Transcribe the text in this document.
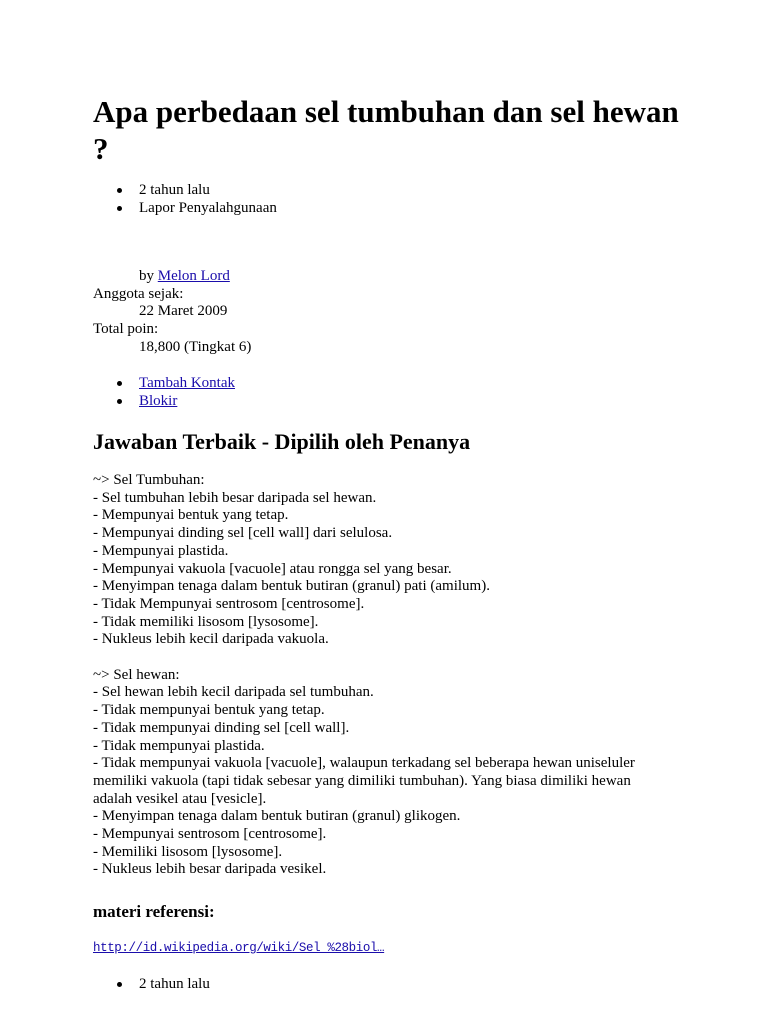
Apa perbedaan sel tumbuhan dan sel hewan ?
2 tahun lalu
Lapor Penyalahgunaan
by Melon Lord
Anggota sejak:
22 Maret 2009
Total poin:
18,800 (Tingkat 6)
Tambah Kontak
Blokir
Jawaban Terbaik - Dipilih oleh Penanya
~> Sel Tumbuhan:
- Sel tumbuhan lebih besar daripada sel hewan.
- Mempunyai bentuk yang tetap.
- Mempunyai dinding sel [cell wall] dari selulosa.
- Mempunyai plastida.
- Mempunyai vakuola [vacuole] atau rongga sel yang besar.
- Menyimpan tenaga dalam bentuk butiran (granul) pati (amilum).
- Tidak Mempunyai sentrosom [centrosome].
- Tidak memiliki lisosom [lysosome].
- Nukleus lebih kecil daripada vakuola.
~> Sel hewan:
- Sel hewan lebih kecil daripada sel tumbuhan.
- Tidak mempunyai bentuk yang tetap.
- Tidak mempunyai dinding sel [cell wall].
- Tidak mempunyai plastida.
- Tidak mempunyai vakuola [vacuole], walaupun terkadang sel beberapa hewan uniseluler memiliki vakuola (tapi tidak sebesar yang dimiliki tumbuhan). Yang biasa dimiliki hewan adalah vesikel atau [vesicle].
- Menyimpan tenaga dalam bentuk butiran (granul) glikogen.
- Mempunyai sentrosom [centrosome].
- Memiliki lisosom [lysosome].
- Nukleus lebih besar daripada vesikel.
materi referensi:
http://id.wikipedia.org/wiki/Sel_%28biol…
2 tahun lalu
